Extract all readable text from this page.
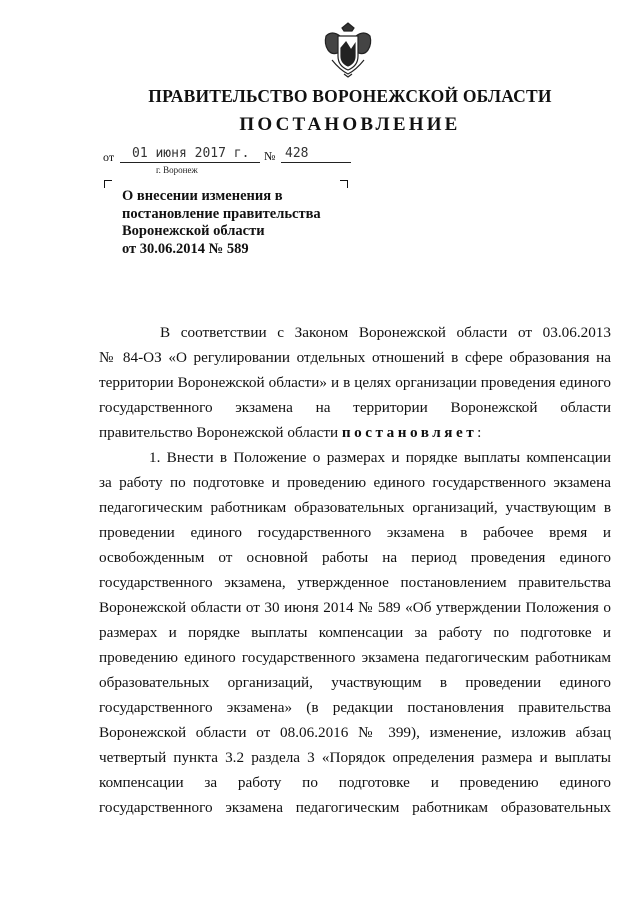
ПРАВИТЕЛЬСТВО ВОРОНЕЖСКОЙ ОБЛАСТИ
ПОСТАНОВЛЕНИЕ
от	01 июня 2017 г.	№ 428
г. Воронеж
О внесении изменения в
постановление правительства
Воронежской области
от 30.06.2014 № 589
В соответствии с Законом Воронежской области от 03.06.2013
№ 84-ОЗ «О регулировании отдельных отношений в сфере образования на
территории Воронежской области» и в целях организации проведения единого
государственного экзамена на территории Воронежской области
правительство Воронежской области постановляет:
1. Внести в Положение о размерах и порядке выплаты компенсации
за работу по подготовке и проведению единого государственного экзамена
педагогическим работникам образовательных организаций, участвующим в
проведении единого государственного экзамена в рабочее время и
освобожденным от основной работы на период проведения единого
государственного экзамена, утвержденное постановлением правительства
Воронежской области от 30 июня 2014 № 589 «Об утверждении Положения о
размерах и порядке выплаты компенсации за работу по подготовке и
проведению единого государственного экзамена педагогическим работникам
образовательных организаций, участвующим в проведении единого
государственного экзамена» (в редакции постановления правительства
Воронежской области от 08.06.2016 № 399), изменение, изложив абзац
четвертый пункта 3.2 раздела 3 «Порядок определения размера и выплаты
компенсации за работу по подготовке и проведению единого
государственного экзамена педагогическим работникам образовательных
